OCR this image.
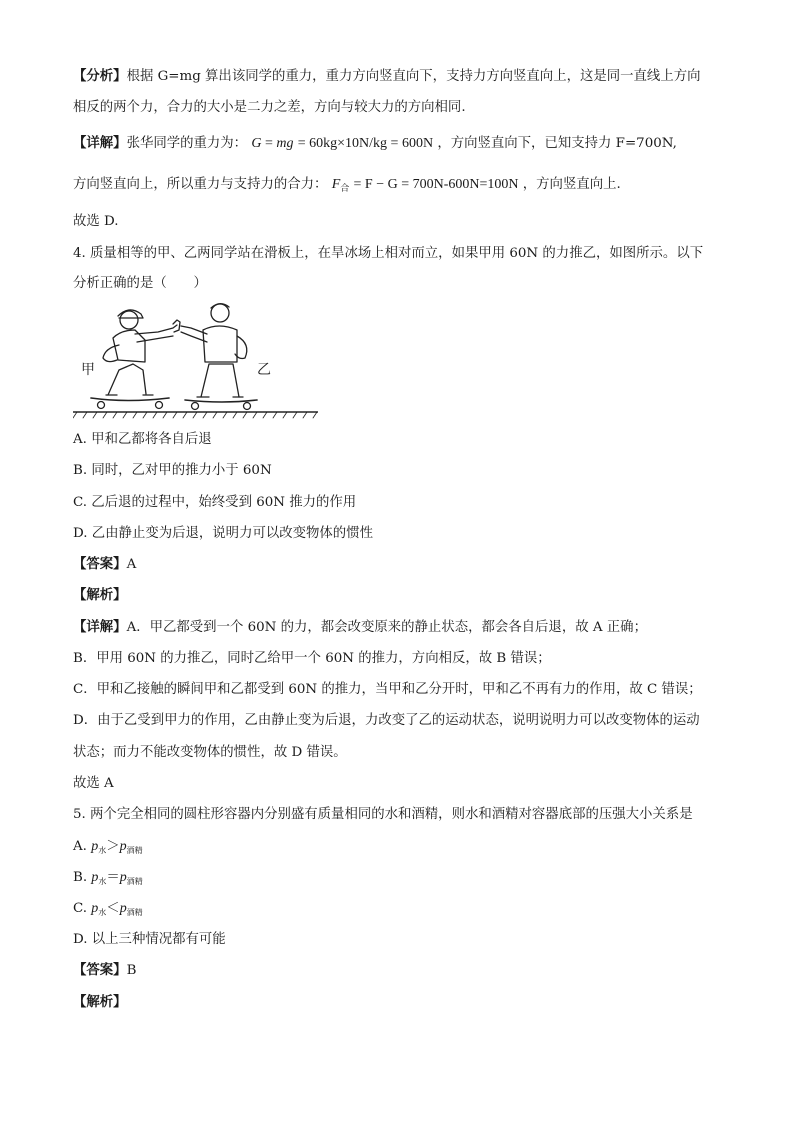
【分析】根据 G=mg 算出该同学的重力，重力方向竖直向下，支持力方向竖直向上，这是同一直线上方向
相反的两个力，合力的大小是二力之差，方向与较大力的方向相同.
【详解】张华同学的重力为： G = mg = 60kg×10N/kg = 600N ，方向竖直向下，已知支持力 F=700N,
方向竖直向上，所以重力与支持力的合力： $F_合 = F - G = 700N-600N=100N$ ，方向竖直向上.
故选 D.
4. 质量相等的甲、乙两同学站在滑板上，在旱冰场上相对而立，如果甲用 60N 的力推乙，如图所示。以下
分析正确的是（　　）
甲	乙
A. 甲和乙都将各自后退
B. 同时，乙对甲的推力小于 60N
C. 乙后退的过程中，始终受到 60N 推力的作用
D. 乙由静止变为后退，说明力可以改变物体的惯性
【答案】A
【解析】
【详解】A．甲乙都受到一个 60N 的力，都会改变原来的静止状态，都会各自后退，故 A 正确；
B．甲用 60N 的力推乙，同时乙给甲一个 60N 的推力，方向相反，故 B 错误；
C．甲和乙接触的瞬间甲和乙都受到 60N 的推力，当甲和乙分开时，甲和乙不再有力的作用，故 C 错误；
D．由于乙受到甲力的作用，乙由静止变为后退，力改变了乙的运动状态，说明说明力可以改变物体的运动
状态；而力不能改变物体的惯性，故 D 错误。
故选 A
5. 两个完全相同的圆柱形容器内分别盛有质量相同的水和酒精，则水和酒精对容器底部的压强大小关系是
A. $p_水>p_{酒精}$
B. $p_水=p_{酒精}$
C. $p_水<p_{酒精}$
D. 以上三种情况都有可能
【答案】B
【解析】
